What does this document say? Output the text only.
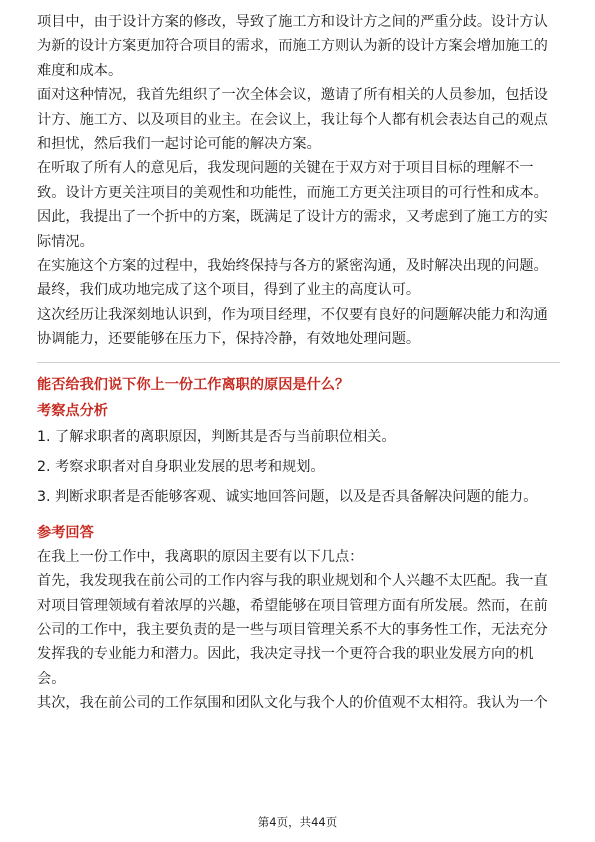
项目中，由于设计方案的修改，导致了施工方和设计方之间的严重分歧。设计方认为新的设计方案更加符合项目的需求，而施工方则认为新的设计方案会增加施工的难度和成本。

面对这种情况，我首先组织了一次全体会议，邀请了所有相关的人员参加，包括设计方、施工方、以及项目的业主。在会议上，我让每个人都有机会表达自己的观点和担忧，然后我们一起讨论可能的解决方案。

在听取了所有人的意见后，我发现问题的关键在于双方对于项目目标的理解不一致。设计方更关注项目的美观性和功能性，而施工方更关注项目的可行性和成本。因此，我提出了一个折中的方案，既满足了设计方的需求，又考虑到了施工方的实际情况。

在实施这个方案的过程中，我始终保持与各方的紧密沟通，及时解决出现的问题。最终，我们成功地完成了这个项目，得到了业主的高度认可。

这次经历让我深刻地认识到，作为项目经理，不仅要有良好的问题解决能力和沟通协调能力，还要能够在压力下，保持冷静，有效地处理问题。

能否给我们说下你上一份工作离职的原因是什么？
考察点分析
1. 了解求职者的离职原因，判断其是否与当前职位相关。
2. 考察求职者对自身职业发展的思考和规划。
3. 判断求职者是否能够客观、诚实地回答问题，以及是否具备解决问题的能力。
参考回答

在我上一份工作中，我离职的原因主要有以下几点：

首先，我发现我在前公司的工作内容与我的职业规划和个人兴趣不太匹配。我一直对项目管理领域有着浓厚的兴趣，希望能够在项目管理方面有所发展。然而，在前公司的工作中，我主要负责的是一些与项目管理关系不大的事务性工作，无法充分发挥我的专业能力和潜力。因此，我决定寻找一个更符合我的职业发展方向的机会。

其次，我在前公司的工作氛围和团队文化与我个人的价值观不太相符。我认为一个

第4页，共44页
